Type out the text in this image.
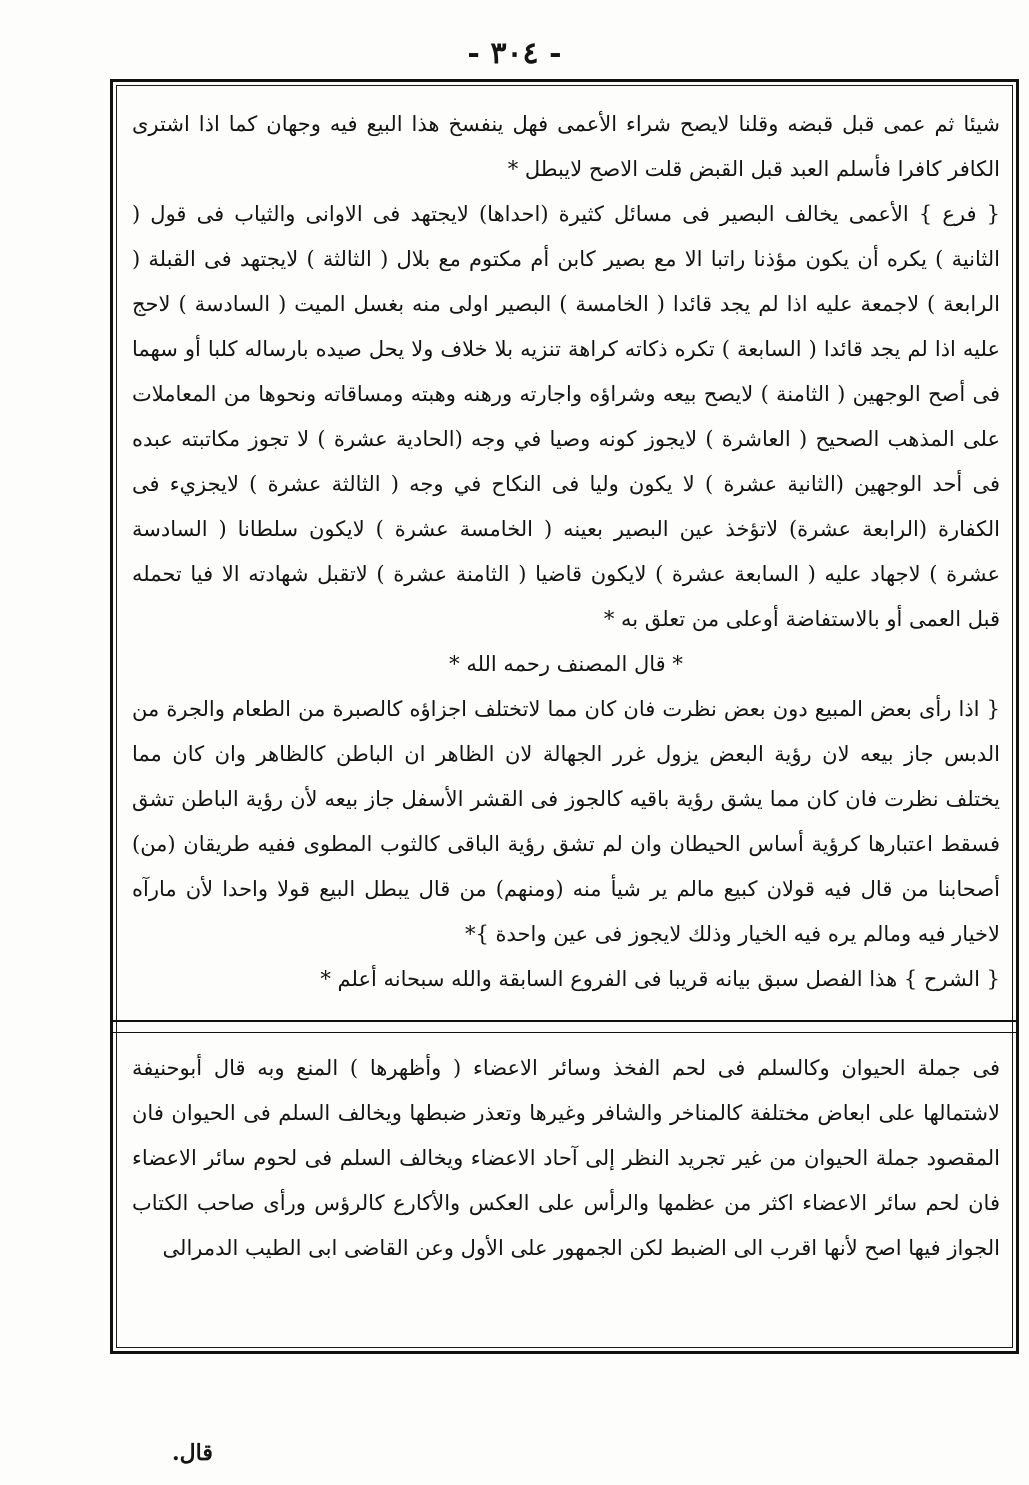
- ٣٠٤ -

شيئا ثم عمى قبل قبضه وقلنا لايصح شراء الأعمى فهل ينفسخ هذا البيع فيه وجهان كما اذا اشترى الكافر كافرا فأسلم العبد قبل القبض قلت الاصح لايبطل *

{ فرع } الأعمى يخالف البصير فى مسائل كثيرة (احداها) لايجتهد فى الاوانى والثياب فى قول ( الثانية ) يكره أن يكون مؤذنا راتبا الا مع بصير كابن أم مكتوم مع بلال ( الثالثة ) لايجتهد فى القبلة ( الرابعة ) لاجمعة عليه اذا لم يجد قائدا ( الخامسة ) البصير اولى منه بغسل الميت ( السادسة ) لاحج عليه اذا لم يجد قائدا ( السابعة ) تكره ذكاته كراهة تنزيه بلا خلاف ولا يحل صيده بارساله كلبا أو سهما فى أصح الوجهين ( الثامنة ) لايصح بيعه وشراؤه واجارته ورهنه وهبته ومساقاته ونحوها من المعاملات على المذهب الصحيح ( العاشرة ) لايجوز كونه وصيا في وجه (الحادية عشرة ) لا تجوز مكاتبته عبده فى أحد الوجهين (الثانية عشرة ) لا يكون وليا فى النكاح في وجه ( الثالثة عشرة ) لايجزيء فى الكفارة (الرابعة عشرة) لاتؤخذ عين البصير بعينه ( الخامسة عشرة ) لايكون سلطانا ( السادسة عشرة ) لاجهاد عليه ( السابعة عشرة ) لايكون قاضيا ( الثامنة عشرة ) لاتقبل شهادته الا فيا تحمله قبل العمى أو بالاستفاضة أوعلى من تعلق به *

* قال المصنف رحمه الله *

{ اذا رأى بعض المبيع دون بعض نظرت فان كان مما لاتختلف اجزاؤه كالصبرة من الطعام والجرة من الدبس جاز بيعه لان رؤية البعض يزول غرر الجهالة لان الظاهر ان الباطن كالظاهر وان كان مما يختلف نظرت فان كان مما يشق رؤية باقيه كالجوز فى القشر الأسفل جاز بيعه لأن رؤية الباطن تشق فسقط اعتبارها كرؤية أساس الحيطان وان لم تشق رؤية الباقى كالثوب المطوى ففيه طريقان (من) أصحابنا من قال فيه قولان كبيع مالم ير شيأ منه (ومنهم) من قال يبطل البيع قولا واحدا لأن مارآه لاخيار فيه ومالم يره فيه الخيار وذلك لايجوز فى عين واحدة }*

{ الشرح } هذا الفصل سبق بيانه قريبا فى الفروع السابقة والله سبحانه أعلم *

فى جملة الحيوان وكالسلم فى لحم الفخذ وسائر الاعضاء ( وأظهرها ) المنع وبه قال أبوحنيفة لاشتمالها على ابعاض مختلفة كالمناخر والشافر وغيرها وتعذر ضبطها ويخالف السلم فى الحيوان فان المقصود جملة الحيوان من غير تجريد النظر إلى آحاد الاعضاء ويخالف السلم فى لحوم سائر الاعضاء فان لحم سائر الاعضاء اكثر من عظمها والرأس على العكس والأكارع كالرؤس ورأى صاحب الكتاب الجواز فيها اصح لأنها اقرب الى الضبط لكن الجمهور على الأول وعن القاضى ابى الطيب الدمرالى

قال.
